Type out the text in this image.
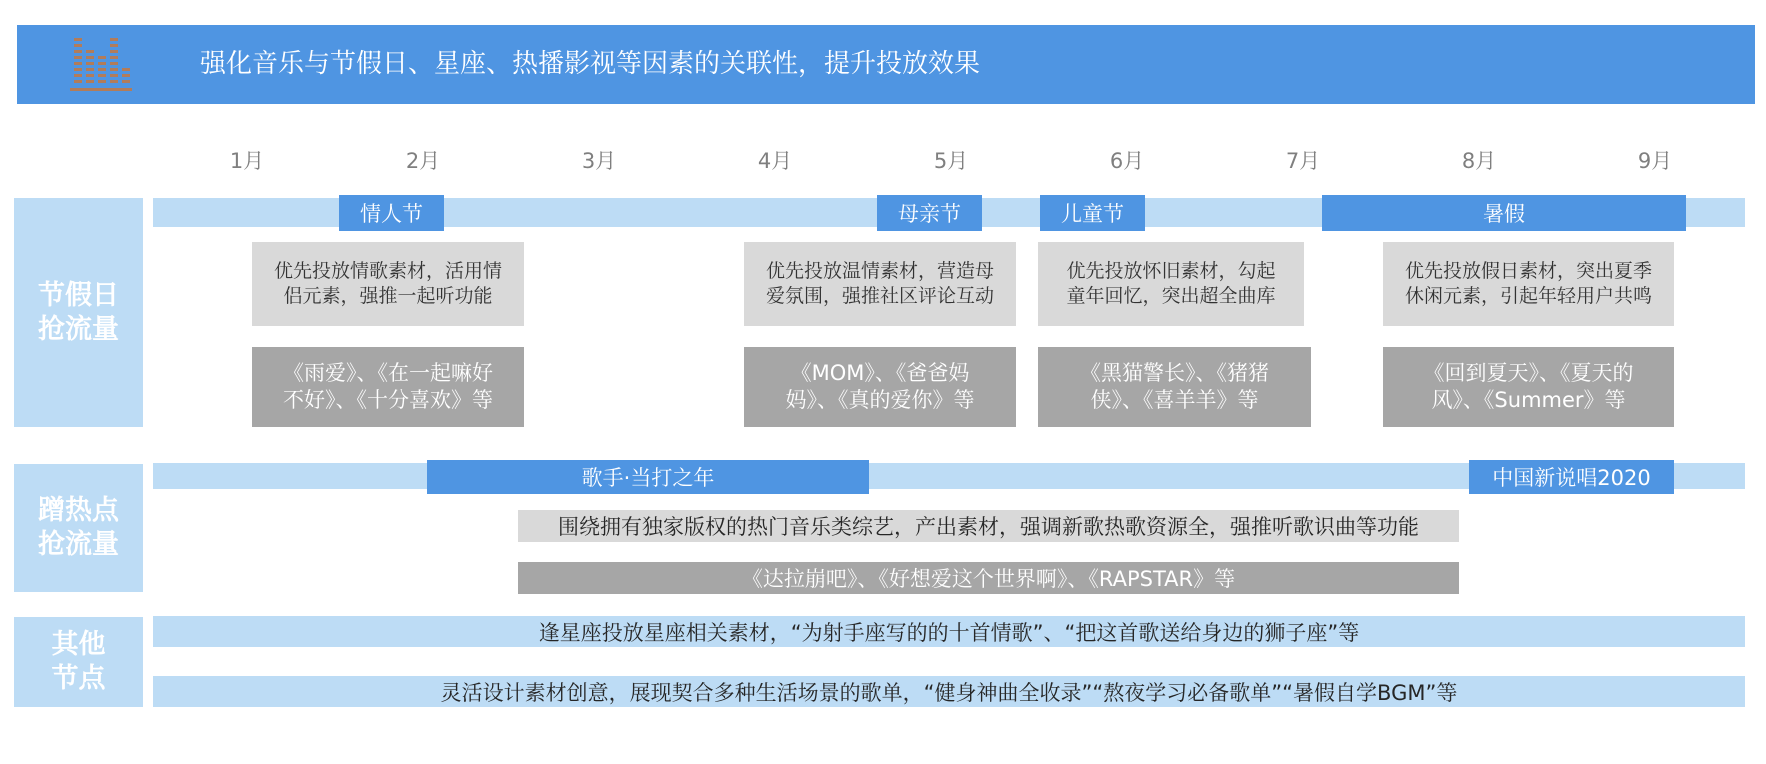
强化音乐与节假日、星座、热播影视等因素的关联性，提升投放效果
1月	2月	3月	4月	5月	6月	7月	8月	9月
节假日
抢流量
情人节	母亲节	儿童节	暑假
优先投放情歌素材，活用情
侣元素，强推一起听功能
优先投放温情素材，营造母
爱氛围，强推社区评论互动
优先投放怀旧素材，勾起
童年回忆，突出超全曲库
优先投放假日素材，突出夏季
休闲元素，引起年轻用户共鸣
《雨爱》、《在一起嘛好
不好》、《十分喜欢》等
《MOM》、《爸爸妈
妈》、《真的爱你》等
《黑猫警长》、《猪猪
侠》、《喜羊羊》等
《回到夏天》、《夏天的
风》、《Summer》等
蹭热点
抢流量
歌手·当打之年	中国新说唱2020
围绕拥有独家版权的热门音乐类综艺，产出素材，强调新歌热歌资源全，强推听歌识曲等功能
《达拉崩吧》、《好想爱这个世界啊》、《RAPSTAR》等
其他
节点
逢星座投放星座相关素材，“为射手座写的的十首情歌”、“把这首歌送给身边的狮子座”等
灵活设计素材创意，展现契合多种生活场景的歌单，“健身神曲全收录”“熬夜学习必备歌单”“暑假自学BGM”等
